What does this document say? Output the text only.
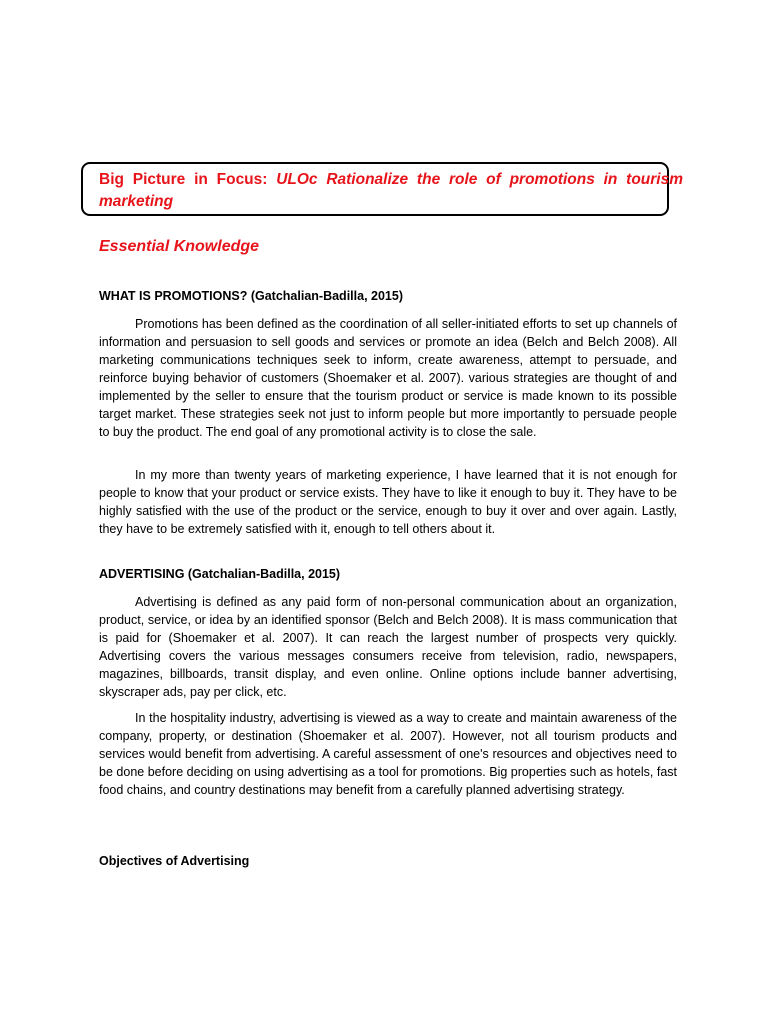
Big Picture in Focus: ULOc Rationalize the role of promotions in tourism marketing

Essential Knowledge

WHAT IS PROMOTIONS? (Gatchalian-Badilla, 2015)

Promotions has been defined as the coordination of all seller-initiated efforts to set up channels of information and persuasion to sell goods and services or promote an idea (Belch and Belch 2008). All marketing communications techniques seek to inform, create awareness, attempt to persuade, and reinforce buying behavior of customers (Shoemaker et al. 2007). various strategies are thought of and implemented by the seller to ensure that the tourism product or service is made known to its possible target market. These strategies seek not just to inform people but more importantly to persuade people to buy the product. The end goal of any promotional activity is to close the sale.

In my more than twenty years of marketing experience, I have learned that it is not enough for people to know that your product or service exists. They have to like it enough to buy it. They have to be highly satisfied with the use of the product or the service, enough to buy it over and over again. Lastly, they have to be extremely satisfied with it, enough to tell others about it.

ADVERTISING (Gatchalian-Badilla, 2015)

Advertising is defined as any paid form of non-personal communication about an organization, product, service, or idea by an identified sponsor (Belch and Belch 2008). It is mass communication that is paid for (Shoemaker et al. 2007). It can reach the largest number of prospects very quickly. Advertising covers the various messages consumers receive from television, radio, newspapers, magazines, billboards, transit display, and even online. Online options include banner advertising, skyscraper ads, pay per click, etc.

In the hospitality industry, advertising is viewed as a way to create and maintain awareness of the company, property, or destination (Shoemaker et al. 2007). However, not all tourism products and services would benefit from advertising. A careful assessment of one's resources and objectives need to be done before deciding on using advertising as a tool for promotions. Big properties such as hotels, fast food chains, and country destinations may benefit from a carefully planned advertising strategy.

Objectives of Advertising
